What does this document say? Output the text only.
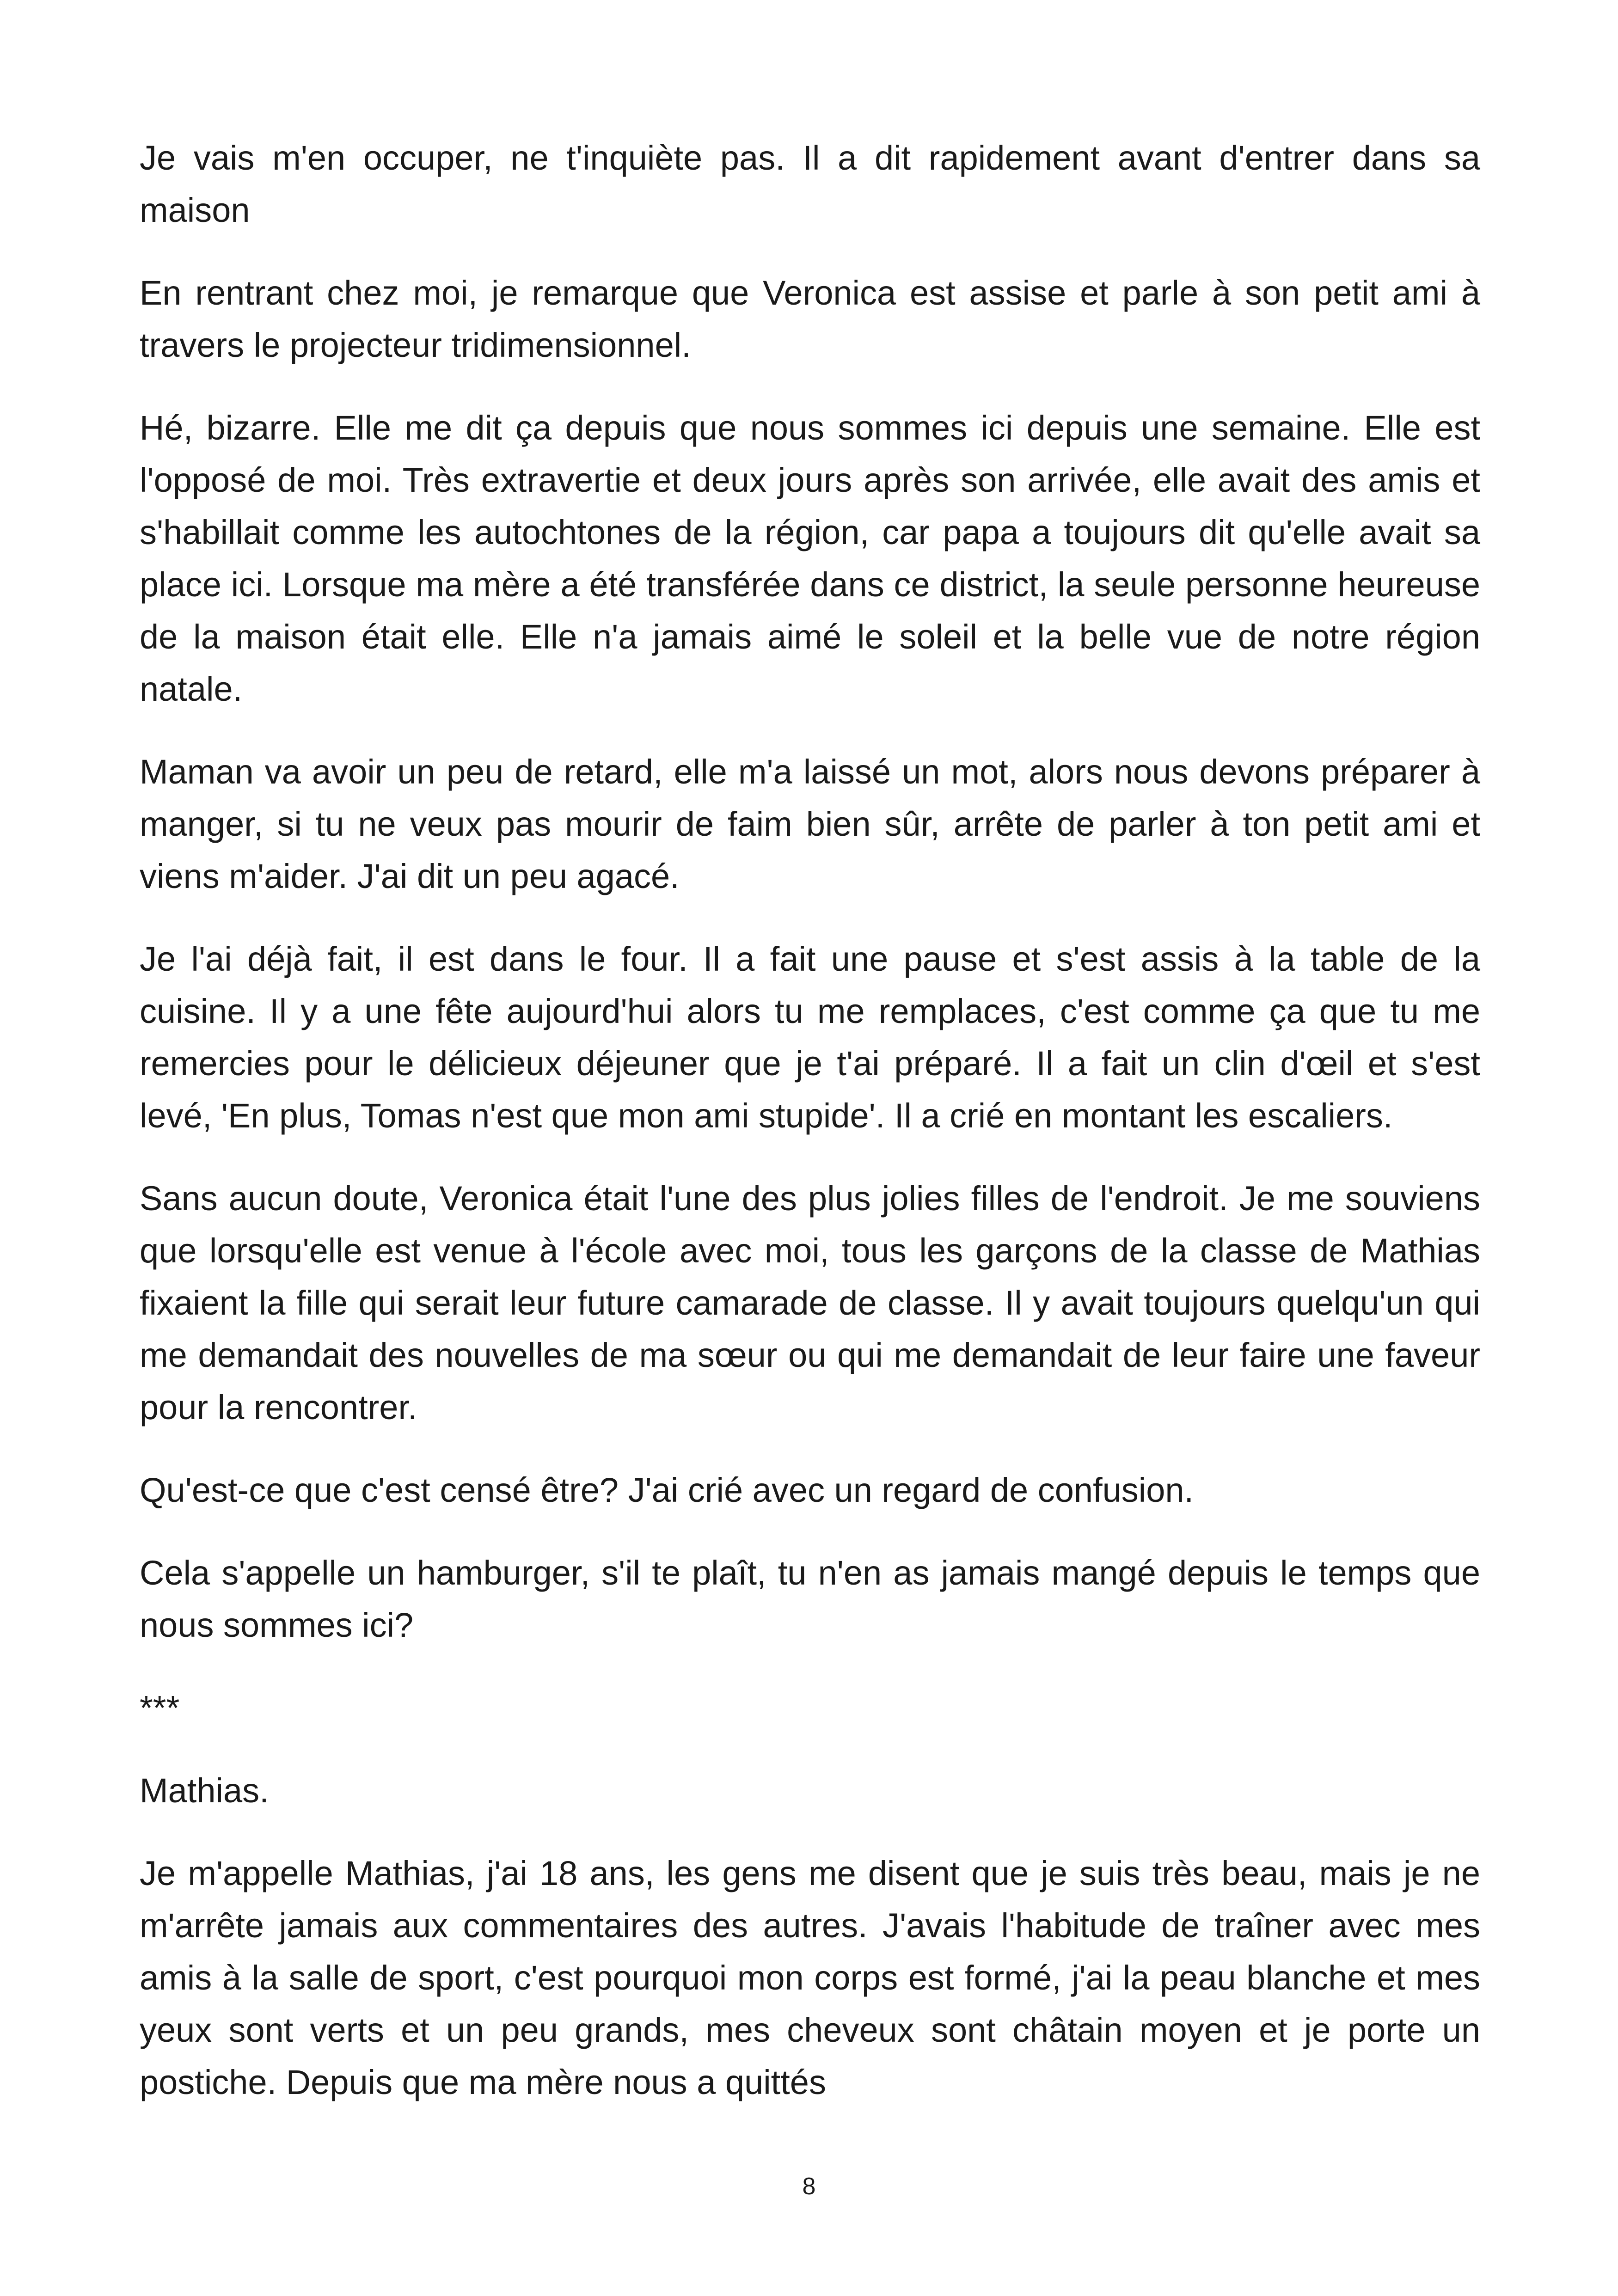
Je vais m'en occuper, ne t'inquiète pas. Il a dit rapidement avant d'entrer dans sa maison

En rentrant chez moi, je remarque que Veronica est assise et parle à son petit ami à travers le projecteur tridimensionnel.

Hé, bizarre. Elle me dit ça depuis que nous sommes ici depuis une semaine. Elle est l'opposé de moi. Très extravertie et deux jours après son arrivée, elle avait des amis et s'habillait comme les autochtones de la région, car papa a toujours dit qu'elle avait sa place ici. Lorsque ma mère a été transférée dans ce district, la seule personne heureuse de la maison était elle. Elle n'a jamais aimé le soleil et la belle vue de notre région natale.

Maman va avoir un peu de retard, elle m'a laissé un mot, alors nous devons préparer à manger, si tu ne veux pas mourir de faim bien sûr, arrête de parler à ton petit ami et viens m'aider. J'ai dit un peu agacé.

Je l'ai déjà fait, il est dans le four. Il a fait une pause et s'est assis à la table de la cuisine. Il y a une fête aujourd'hui alors tu me remplaces, c'est comme ça que tu me remercies pour le délicieux déjeuner que je t'ai préparé. Il a fait un clin d'œil et s'est levé, 'En plus, Tomas n'est que mon ami stupide'. Il a crié en montant les escaliers.

Sans aucun doute, Veronica était l'une des plus jolies filles de l'endroit. Je me souviens que lorsqu'elle est venue à l'école avec moi, tous les garçons de la classe de Mathias fixaient la fille qui serait leur future camarade de classe. Il y avait toujours quelqu'un qui me demandait des nouvelles de ma sœur ou qui me demandait de leur faire une faveur pour la rencontrer.

Qu'est-ce que c'est censé être? J'ai crié avec un regard de confusion.

Cela s'appelle un hamburger, s'il te plaît, tu n'en as jamais mangé depuis le temps que nous sommes ici?

***

Mathias.

Je m'appelle Mathias, j'ai 18 ans, les gens me disent que je suis très beau, mais je ne m'arrête jamais aux commentaires des autres. J'avais l'habitude de traîner avec mes amis à la salle de sport, c'est pourquoi mon corps est formé, j'ai la peau blanche et mes yeux sont verts et un peu grands, mes cheveux sont châtain moyen et je porte un postiche. Depuis que ma mère nous a quittés

8
